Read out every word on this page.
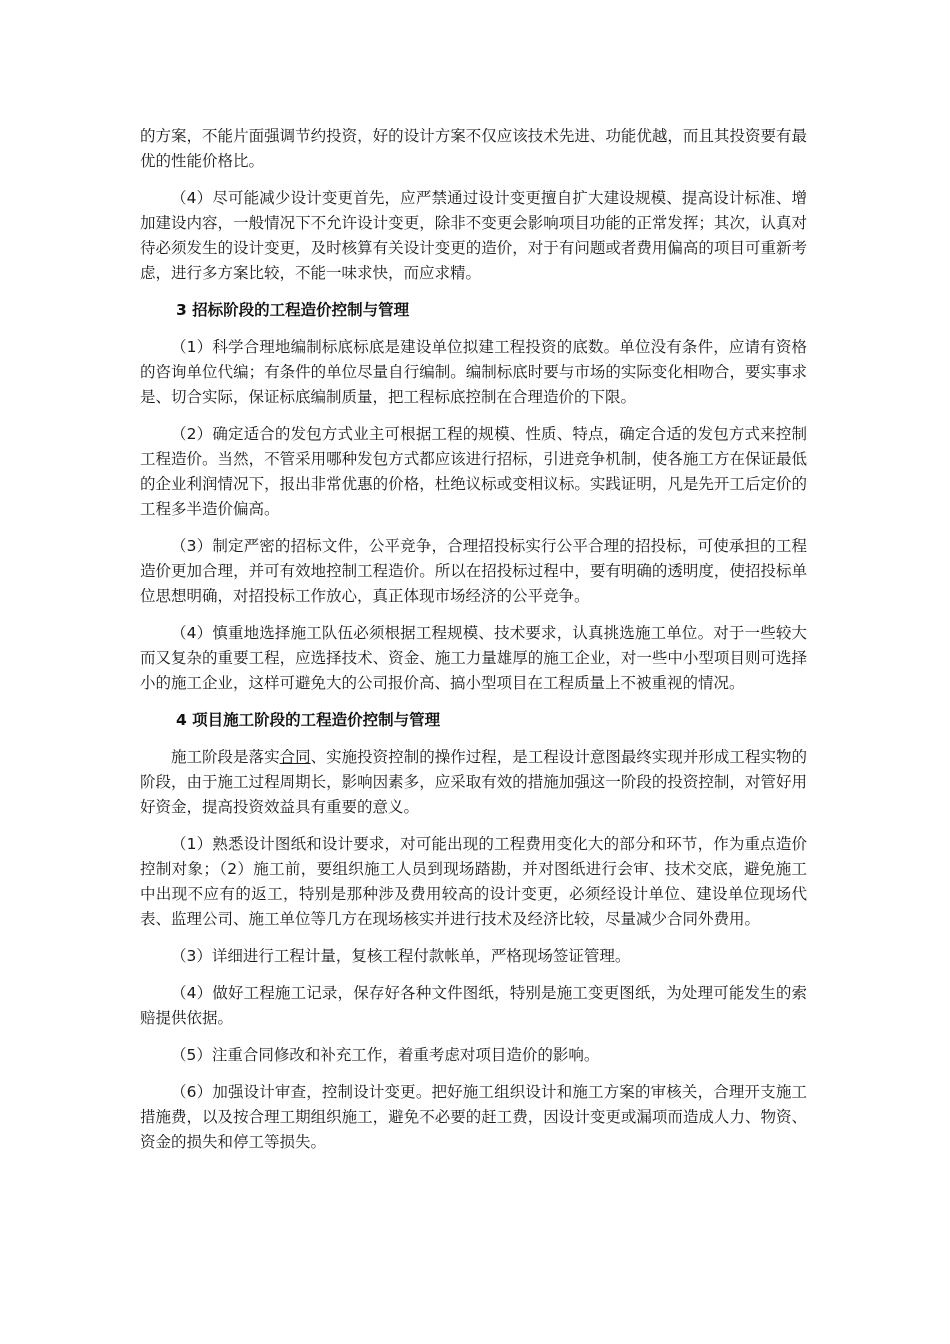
的方案，不能片面强调节约投资，好的设计方案不仅应该技术先进、功能优越，而且其投资要有最优的性能价格比。

（4）尽可能减少设计变更首先，应严禁通过设计变更擅自扩大建设规模、提高设计标准、增加建设内容，一般情况下不允许设计变更，除非不变更会影响项目功能的正常发挥；其次，认真对待必须发生的设计变更，及时核算有关设计变更的造价，对于有问题或者费用偏高的项目可重新考虑，进行多方案比较，不能一味求快，而应求精。

3 招标阶段的工程造价控制与管理

（1）科学合理地编制标底标底是建设单位拟建工程投资的底数。单位没有条件，应请有资格的咨询单位代编；有条件的单位尽量自行编制。编制标底时要与市场的实际变化相吻合，要实事求是、切合实际，保证标底编制质量，把工程标底控制在合理造价的下限。

（2）确定适合的发包方式业主可根据工程的规模、性质、特点，确定合适的发包方式来控制工程造价。当然，不管采用哪种发包方式都应该进行招标，引进竞争机制，使各施工方在保证最低的企业利润情况下，报出非常优惠的价格，杜绝议标或变相议标。实践证明，凡是先开工后定价的工程多半造价偏高。

（3）制定严密的招标文件，公平竞争，合理招投标实行公平合理的招投标，可使承担的工程造价更加合理，并可有效地控制工程造价。所以在招投标过程中，要有明确的透明度，使招投标单位思想明确，对招投标工作放心，真正体现市场经济的公平竞争。

（4）慎重地选择施工队伍必须根据工程规模、技术要求，认真挑选施工单位。对于一些较大而又复杂的重要工程，应选择技术、资金、施工力量雄厚的施工企业，对一些中小型项目则可选择小的施工企业，这样可避免大的公司报价高、搞小型项目在工程质量上不被重视的情况。

4 项目施工阶段的工程造价控制与管理

施工阶段是落实合同、实施投资控制的操作过程，是工程设计意图最终实现并形成工程实物的阶段，由于施工过程周期长，影响因素多，应采取有效的措施加强这一阶段的投资控制，对管好用好资金，提高投资效益具有重要的意义。

（1）熟悉设计图纸和设计要求，对可能出现的工程费用变化大的部分和环节，作为重点造价控制对象；（2）施工前，要组织施工人员到现场踏勘，并对图纸进行会审、技术交底，避免施工中出现不应有的返工，特别是那种涉及费用较高的设计变更，必须经设计单位、建设单位现场代表、监理公司、施工单位等几方在现场核实并进行技术及经济比较，尽量减少合同外费用。

（3）详细进行工程计量，复核工程付款帐单，严格现场签证管理。

（4）做好工程施工记录，保存好各种文件图纸，特别是施工变更图纸，为处理可能发生的索赔提供依据。

（5）注重合同修改和补充工作，着重考虑对项目造价的影响。

（6）加强设计审查，控制设计变更。把好施工组织设计和施工方案的审核关，合理开支施工措施费，以及按合理工期组织施工，避免不必要的赶工费，因设计变更或漏项而造成人力、物资、资金的损失和停工等损失。
